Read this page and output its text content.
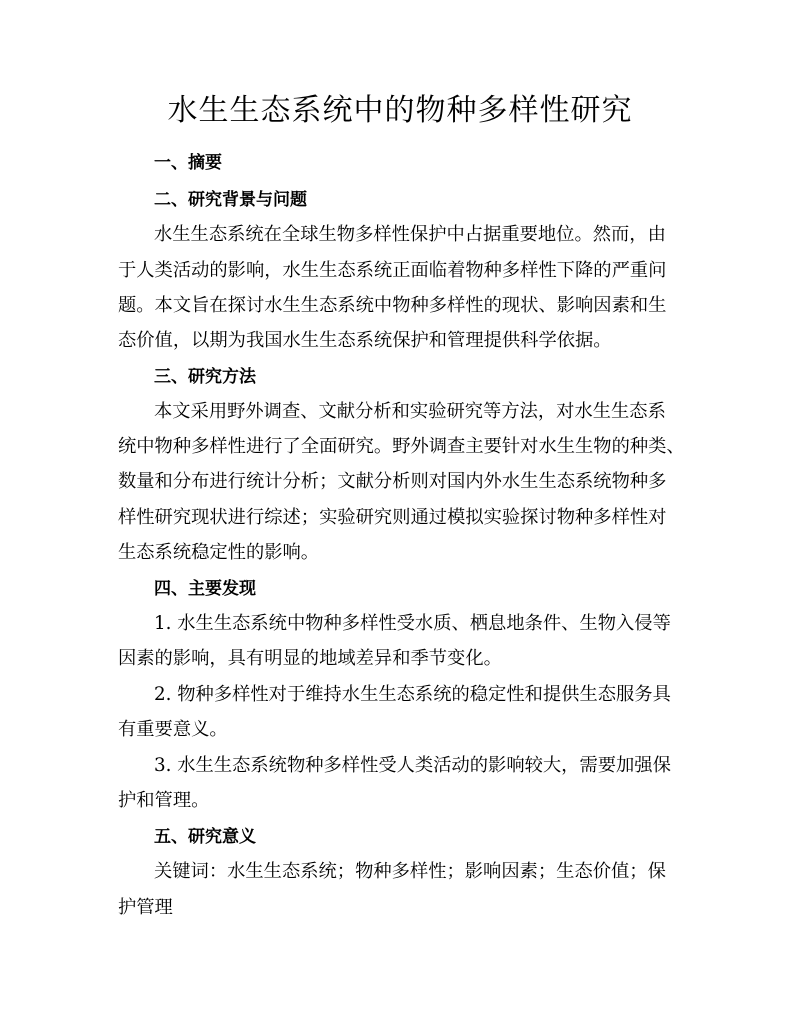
水生生态系统中的物种多样性研究
一、摘要
二、研究背景与问题
水生生态系统在全球生物多样性保护中占据重要地位。然而，由
于人类活动的影响，水生生态系统正面临着物种多样性下降的严重问
题。本文旨在探讨水生生态系统中物种多样性的现状、影响因素和生
态价值，以期为我国水生生态系统保护和管理提供科学依据。
三、研究方法
本文采用野外调查、文献分析和实验研究等方法，对水生生态系
统中物种多样性进行了全面研究。野外调查主要针对水生生物的种类、
数量和分布进行统计分析；文献分析则对国内外水生生态系统物种多
样性研究现状进行综述；实验研究则通过模拟实验探讨物种多样性对
生态系统稳定性的影响。
四、主要发现
1. 水生生态系统中物种多样性受水质、栖息地条件、生物入侵等
因素的影响，具有明显的地域差异和季节变化。
2. 物种多样性对于维持水生生态系统的稳定性和提供生态服务具
有重要意义。
3. 水生生态系统物种多样性受人类活动的影响较大，需要加强保
护和管理。
五、研究意义
关键词：水生生态系统；物种多样性；影响因素；生态价值；保
护管理
